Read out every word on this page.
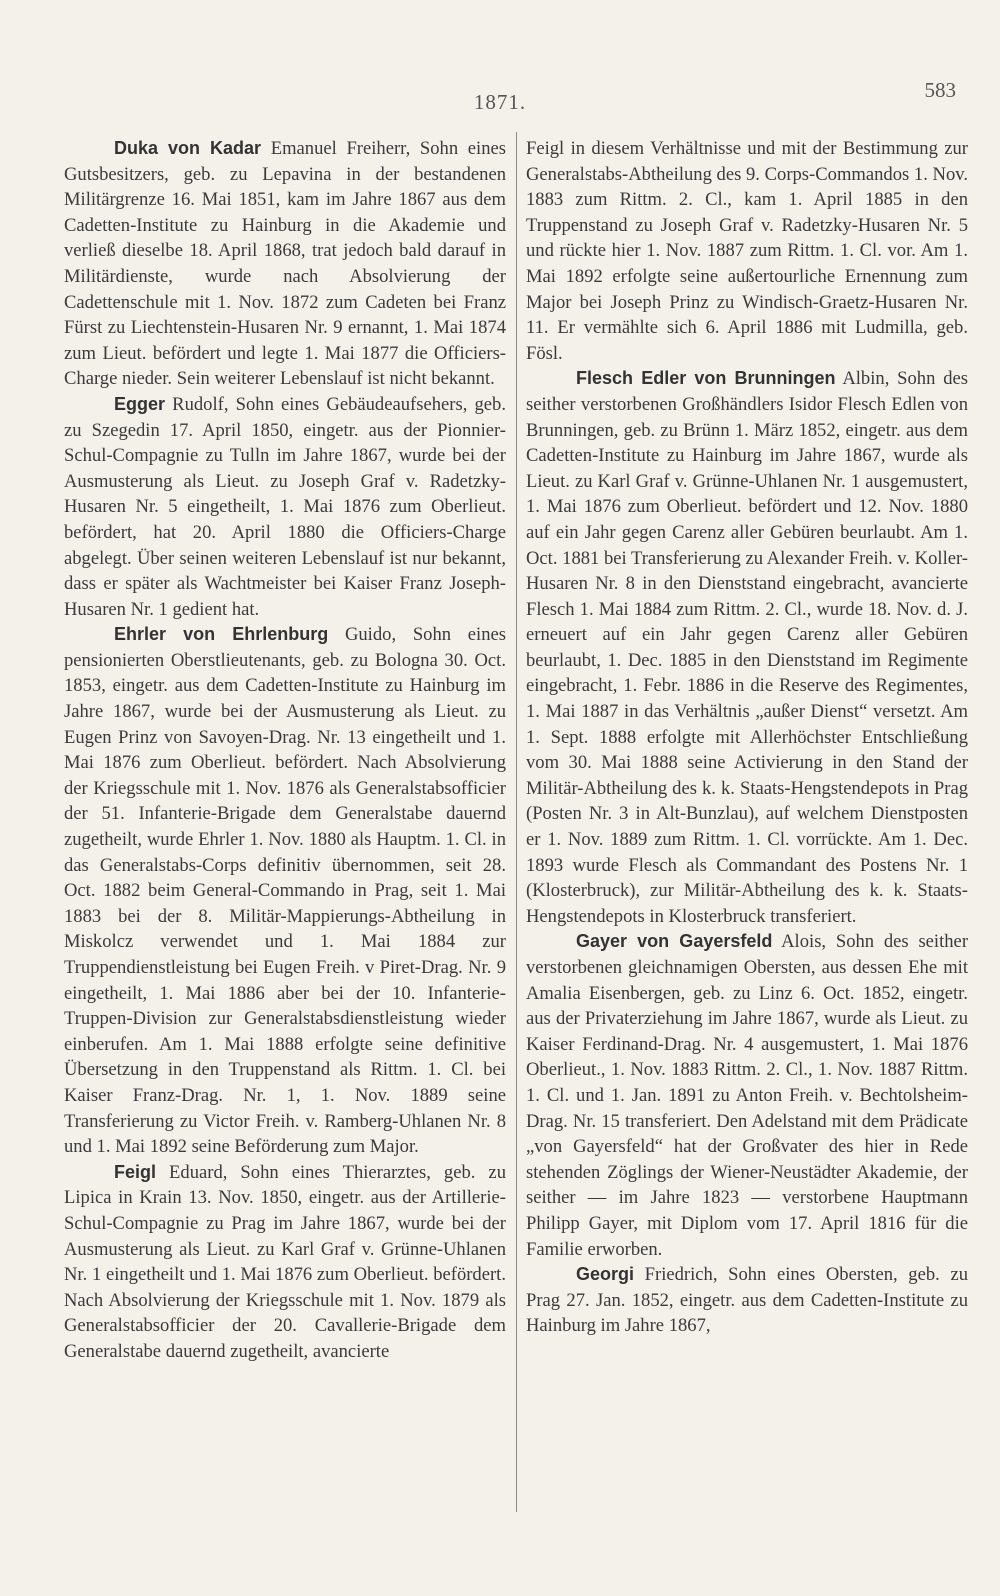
1871.	583

Duka von Kadar Emanuel Freiherr, Sohn eines Gutsbesitzers, geb. zu Lepavina in der bestandenen Militärgrenze 16. Mai 1851, kam im Jahre 1867 aus dem Cadetten-Institute zu Hainburg in die Akademie und verließ dieselbe 18. April 1868, trat jedoch bald darauf in Militärdienste, wurde nach Absolvierung der Cadettenschule mit 1. Nov. 1872 zum Cadeten bei Franz Fürst zu Liechtenstein-Husaren Nr. 9 ernannt, 1. Mai 1874 zum Lieut. befördert und legte 1. Mai 1877 die Officiers-Charge nieder. Sein weiterer Lebenslauf ist nicht bekannt.

Egger Rudolf, Sohn eines Gebäudeaufsehers, geb. zu Szegedin 17. April 1850, eingetr. aus der Pionnier-Schul-Compagnie zu Tulln im Jahre 1867, wurde bei der Ausmusterung als Lieut. zu Joseph Graf v. Radetzky-Husaren Nr. 5 eingetheilt, 1. Mai 1876 zum Oberlieut. befördert, hat 20. April 1880 die Officiers-Charge abgelegt. Über seinen weiteren Lebenslauf ist nur bekannt, dass er später als Wachtmeister bei Kaiser Franz Joseph-Husaren Nr. 1 gedient hat.

Ehrler von Ehrlenburg Guido, Sohn eines pensionierten Oberstlieutenants, geb. zu Bologna 30. Oct. 1853, eingetr. aus dem Cadetten-Institute zu Hainburg im Jahre 1867, wurde bei der Ausmusterung als Lieut. zu Eugen Prinz von Savoyen-Drag. Nr. 13 eingetheilt und 1. Mai 1876 zum Oberlieut. befördert. Nach Absolvierung der Kriegsschule mit 1. Nov. 1876 als Generalstabsofficier der 51. Infanterie-Brigade dem Generalstabe dauernd zugetheilt, wurde Ehrler 1. Nov. 1880 als Hauptm. 1. Cl. in das Generalstabs-Corps definitiv übernommen, seit 28. Oct. 1882 beim General-Commando in Prag, seit 1. Mai 1883 bei der 8. Militär-Mappierungs-Abtheilung in Miskolcz verwendet und 1. Mai 1884 zur Truppendienstleistung bei Eugen Freih. v Piret-Drag. Nr. 9 eingetheilt, 1. Mai 1886 aber bei der 10. Infanterie-Truppen-Division zur Generalstabsdienstleistung wieder einberufen. Am 1. Mai 1888 erfolgte seine definitive Übersetzung in den Truppenstand als Rittm. 1. Cl. bei Kaiser Franz-Drag. Nr. 1, 1. Nov. 1889 seine Transferierung zu Victor Freih. v. Ramberg-Uhlanen Nr. 8 und 1. Mai 1892 seine Beförderung zum Major.

Feigl Eduard, Sohn eines Thierarztes, geb. zu Lipica in Krain 13. Nov. 1850, eingetr. aus der Artillerie-Schul-Compagnie zu Prag im Jahre 1867, wurde bei der Ausmusterung als Lieut. zu Karl Graf v. Grünne-Uhlanen Nr. 1 eingetheilt und 1. Mai 1876 zum Oberlieut. befördert. Nach Absolvierung der Kriegsschule mit 1. Nov. 1879 als Generalstabsofficier der 20. Cavallerie-Brigade dem Generalstabe dauernd zugetheilt, avancierte

Feigl in diesem Verhältnisse und mit der Bestimmung zur Generalstabs-Abtheilung des 9. Corps-Commandos 1. Nov. 1883 zum Rittm. 2. Cl., kam 1. April 1885 in den Truppenstand zu Joseph Graf v. Radetzky-Husaren Nr. 5 und rückte hier 1. Nov. 1887 zum Rittm. 1. Cl. vor. Am 1. Mai 1892 erfolgte seine außertourliche Ernennung zum Major bei Joseph Prinz zu Windisch-Graetz-Husaren Nr. 11. Er vermählte sich 6. April 1886 mit Ludmilla, geb. Fösl.

Flesch Edler von Brunningen Albin, Sohn des seither verstorbenen Großhändlers Isidor Flesch Edlen von Brunningen, geb. zu Brünn 1. März 1852, eingetr. aus dem Cadetten-Institute zu Hainburg im Jahre 1867, wurde als Lieut. zu Karl Graf v. Grünne-Uhlanen Nr. 1 ausgemustert, 1. Mai 1876 zum Oberlieut. befördert und 12. Nov. 1880 auf ein Jahr gegen Carenz aller Gebüren beurlaubt. Am 1. Oct. 1881 bei Transferierung zu Alexander Freih. v. Koller-Husaren Nr. 8 in den Dienststand eingebracht, avancierte Flesch 1. Mai 1884 zum Rittm. 2. Cl., wurde 18. Nov. d. J. erneuert auf ein Jahr gegen Carenz aller Gebüren beurlaubt, 1. Dec. 1885 in den Dienststand im Regimente eingebracht, 1. Febr. 1886 in die Reserve des Regimentes, 1. Mai 1887 in das Verhältnis „außer Dienst“ versetzt. Am 1. Sept. 1888 erfolgte mit Allerhöchster Entschließung vom 30. Mai 1888 seine Activierung in den Stand der Militär-Abtheilung des k. k. Staats-Hengstendepots in Prag (Posten Nr. 3 in Alt-Bunzlau), auf welchem Dienstposten er 1. Nov. 1889 zum Rittm. 1. Cl. vorrückte. Am 1. Dec. 1893 wurde Flesch als Commandant des Postens Nr. 1 (Klosterbruck), zur Militär-Abtheilung des k. k. Staats-Hengstendepots in Klosterbruck transferiert.

Gayer von Gayersfeld Alois, Sohn des seither verstorbenen gleichnamigen Obersten, aus dessen Ehe mit Amalia Eisenbergen, geb. zu Linz 6. Oct. 1852, eingetr. aus der Privaterziehung im Jahre 1867, wurde als Lieut. zu Kaiser Ferdinand-Drag. Nr. 4 ausgemustert, 1. Mai 1876 Oberlieut., 1. Nov. 1883 Rittm. 2. Cl., 1. Nov. 1887 Rittm. 1. Cl. und 1. Jan. 1891 zu Anton Freih. v. Bechtolsheim-Drag. Nr. 15 transferiert. Den Adelstand mit dem Prädicate „von Gayersfeld“ hat der Großvater des hier in Rede stehenden Zöglings der Wiener-Neustädter Akademie, der seither — im Jahre 1823 — verstorbene Hauptmann Philipp Gayer, mit Diplom vom 17. April 1816 für die Familie erworben.

Georgi Friedrich, Sohn eines Obersten, geb. zu Prag 27. Jan. 1852, eingetr. aus dem Cadetten-Institute zu Hainburg im Jahre 1867,
